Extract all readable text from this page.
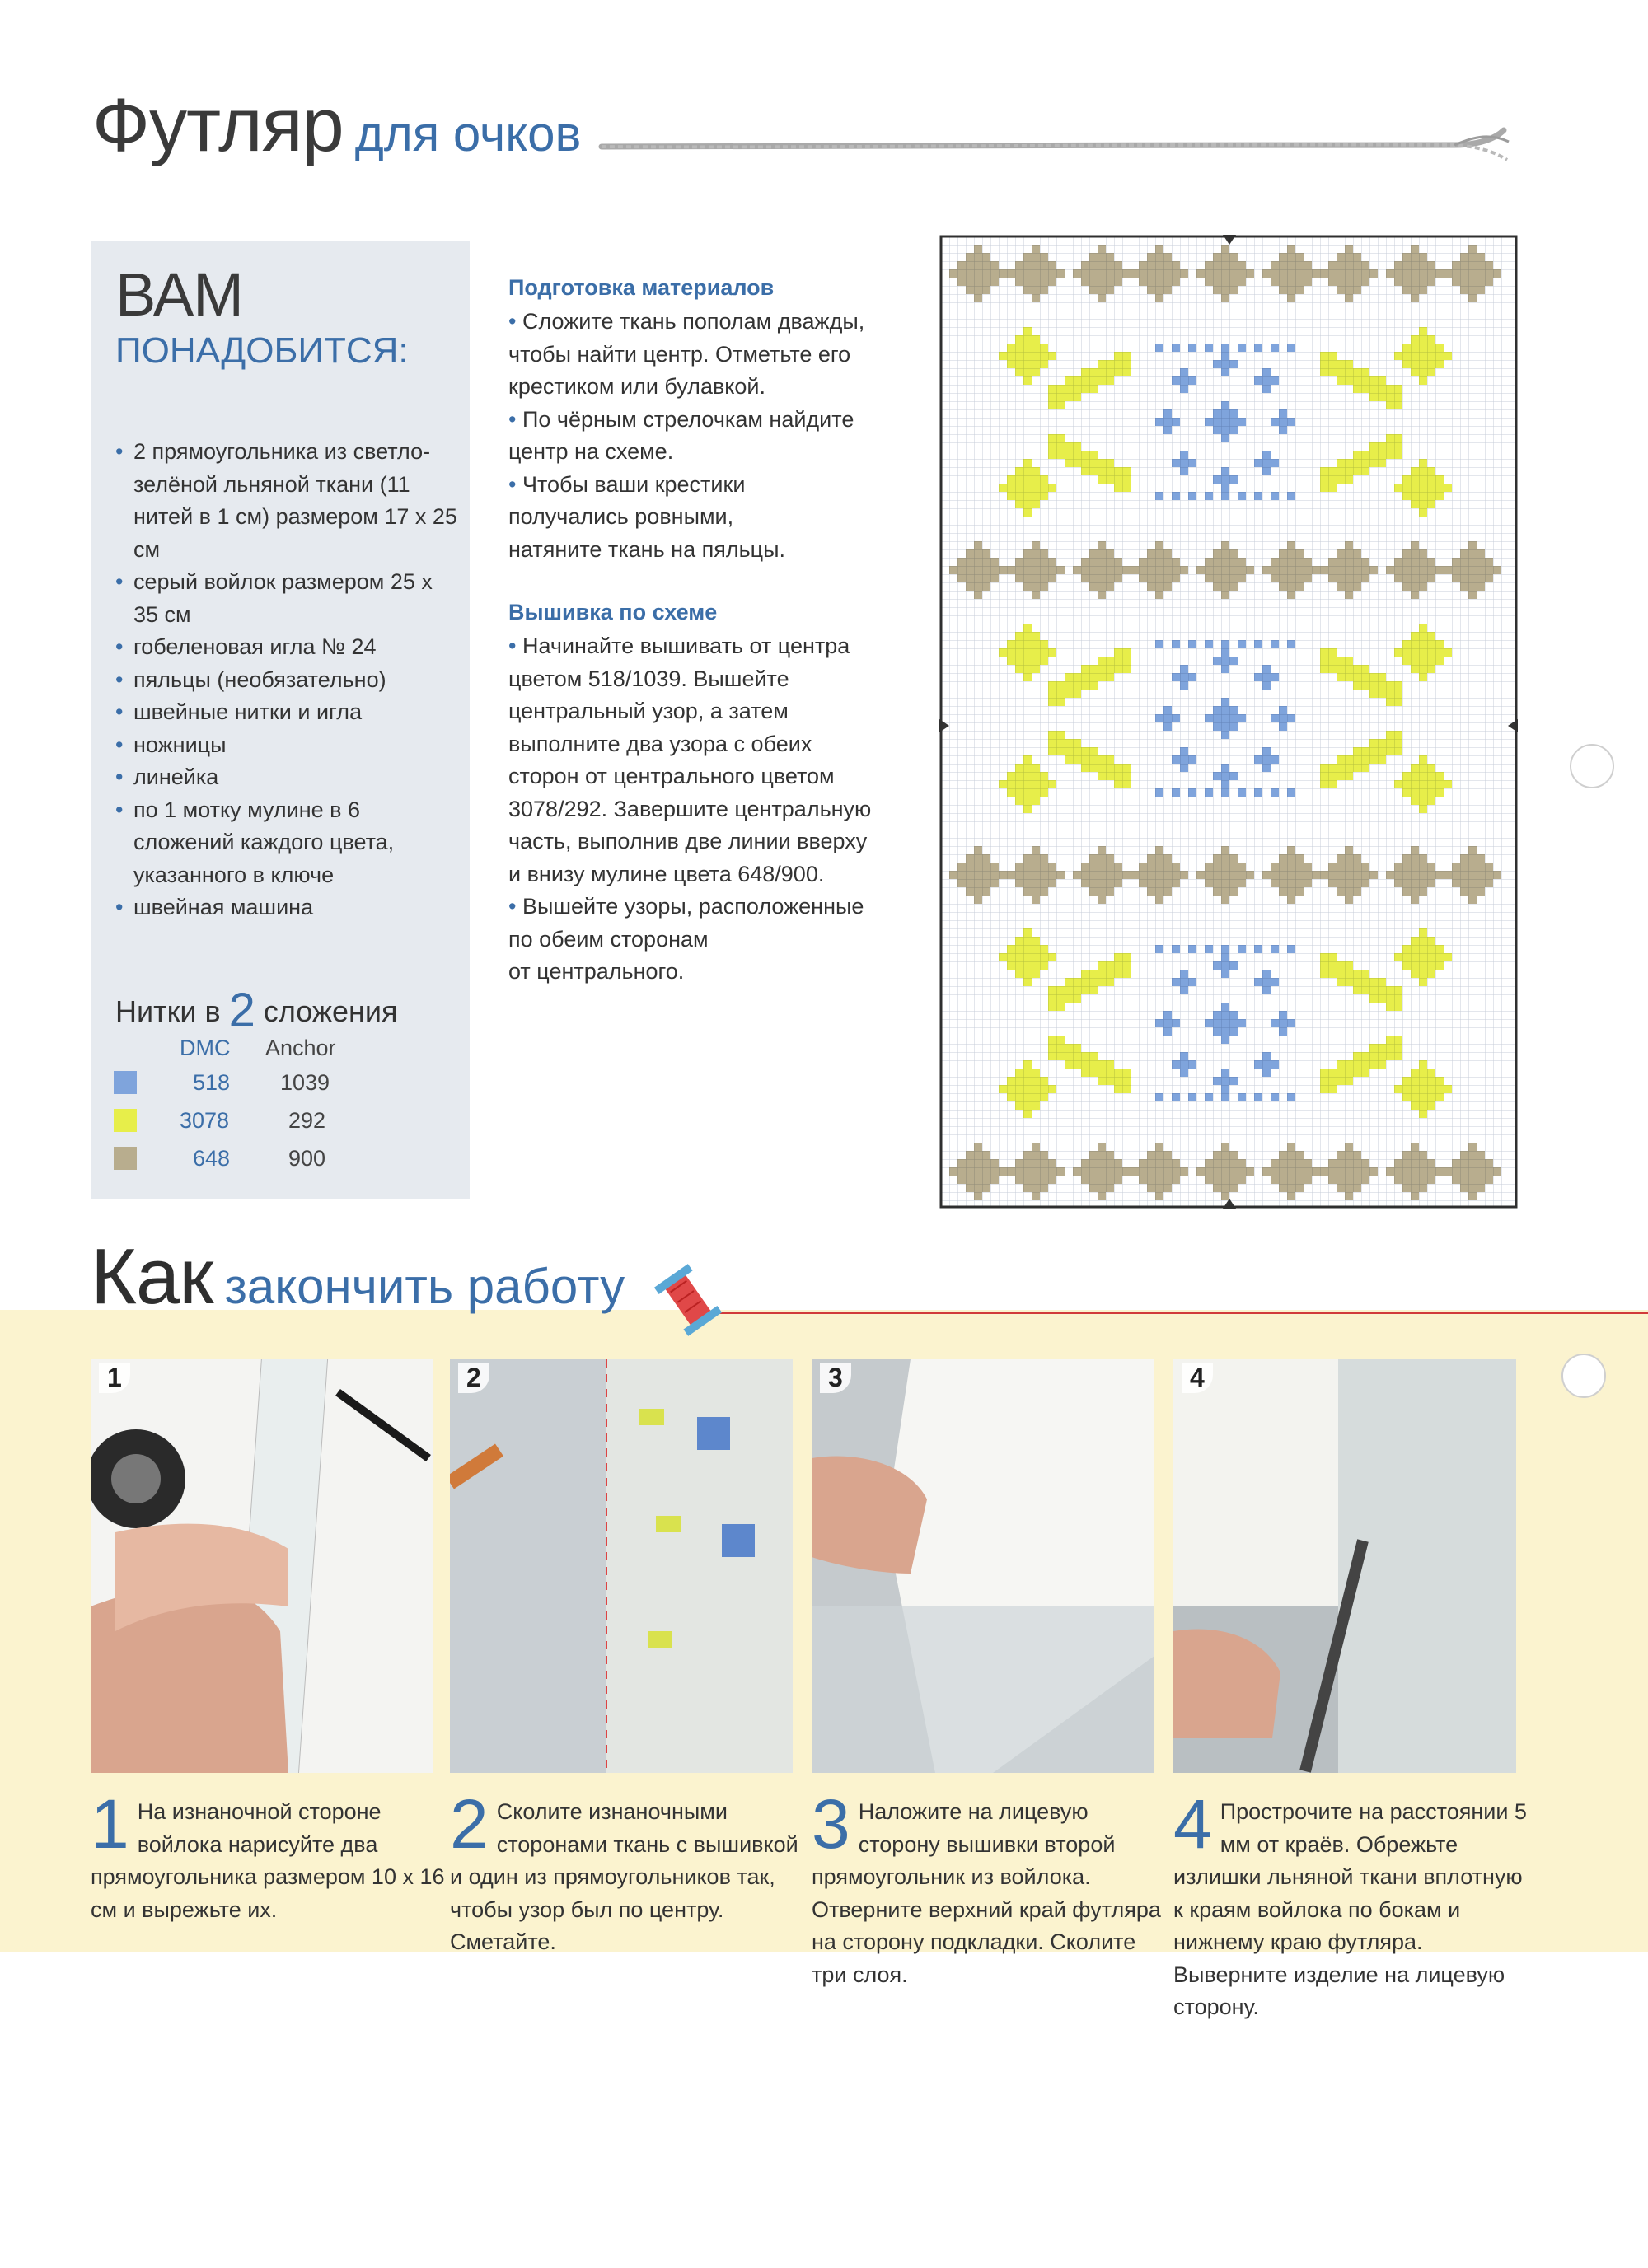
Футляр для очков
ВАМ
ПОНАДОБИТСЯ:
• 2 прямоугольника из светло-зелёной льняной ткани (11 нитей в 1 см) размером 17 x 25 см
• серый войлок размером 25 x 35 см
• гобеленовая игла № 24
• пяльцы (необязательно)
• швейные нитки и игла
• ножницы
• линейка
• по 1 мотку мулине в 6 сложений каждого цвета, указанного в ключе
• швейная машина
Нитки в 2 сложения
DMC Anchor
518 1039
3078	292
648	900
Подготовка материалов
• Сложите ткань пополам дважды,
чтобы найти центр. Отметьте его
крестиком или булавкой.
• По чёрным стрелочкам найдите
центр на схеме.
• Чтобы ваши крестики
получались ровными,
натяните ткань на пяльцы.
Вышивка по схеме
• Начинайте вышивать от центра
цветом 518/1039. Вышейте
центральный узор, а затем
выполните два узора с обеих
сторон от центрального цветом
3078/292. Завершите центральную
часть, выполнив две линии вверху
и внизу мулине цвета 648/900.
• Вышейте узоры, расположенные
по обеим сторонам
от центрального.
Как закончить работу
1	2	3	4
1 На изнаночной стороне войлока нарисуйте два прямоугольника размером 10 x 16 см и вырежьте их.
2 Сколите изнаночными сторонами ткань с вышивкой и один из прямоугольников так, чтобы узор был по центру. Сметайте.
3 Наложите на лицевую сторону вышивки второй прямоугольник из войлока. Отверните верхний край футляра на сторону подкладки. Сколите три слоя.
4 Прострочите на расстоянии 5 мм от краёв. Обрежьте излишки льняной ткани вплотную к краям войлока по бокам и нижнему краю футляра. Выверните изделие на лицевую сторону.
